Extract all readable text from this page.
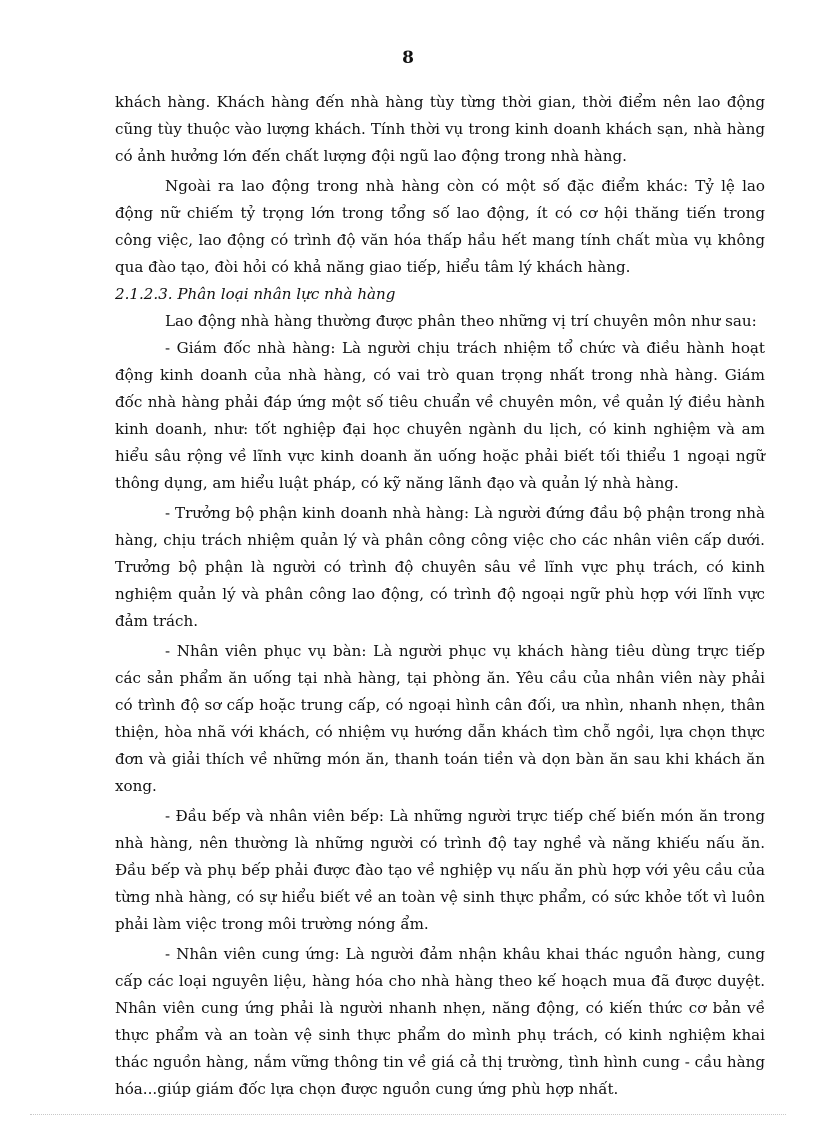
8

khách hàng. Khách hàng đến nhà hàng tùy từng thời gian, thời điểm nên lao động cũng tùy thuộc vào lượng khách. Tính thời vụ trong kinh doanh khách sạn, nhà hàng có ảnh hưởng lớn đến chất lượng đội ngũ lao động trong nhà hàng.

Ngoài ra lao động trong nhà hàng còn có một số đặc điểm khác: Tỷ lệ lao động nữ chiếm tỷ trọng lớn trong tổng số lao động, ít có cơ hội thăng tiến trong công việc, lao động có trình độ văn hóa thấp hầu hết mang tính chất mùa vụ không qua đào tạo, đòi hỏi có khả năng giao tiếp, hiểu tâm lý khách hàng.

2.1.2.3. Phân loại nhân lực nhà hàng

Lao động nhà hàng thường được phân theo những vị trí chuyên môn như sau:

- Giám đốc nhà hàng: Là người chịu trách nhiệm tổ chức và điều hành hoạt động kinh doanh của nhà hàng, có vai trò quan trọng nhất trong nhà hàng. Giám đốc nhà hàng phải đáp ứng một số tiêu chuẩn về chuyên môn, về quản lý điều hành kinh doanh, như: tốt nghiệp đại học chuyên ngành du lịch, có kinh nghiệm và am hiểu sâu rộng về lĩnh vực kinh doanh ăn uống hoặc phải biết tối thiểu 1 ngoại ngữ thông dụng, am hiểu luật pháp, có kỹ năng lãnh đạo và quản lý nhà hàng.

- Trưởng bộ phận kinh doanh nhà hàng: Là người đứng đầu bộ phận trong nhà hàng, chịu trách nhiệm quản lý và phân công công việc cho các nhân viên cấp dưới. Trưởng bộ phận là người có trình độ chuyên sâu về lĩnh vực phụ trách, có kinh nghiệm quản lý và phân công lao động, có trình độ ngoại ngữ phù hợp với lĩnh vực đảm trách.

- Nhân viên phục vụ bàn: Là người phục vụ khách hàng tiêu dùng trực tiếp các sản phẩm ăn uống tại nhà hàng, tại phòng ăn. Yêu cầu của nhân viên này phải có trình độ sơ cấp hoặc trung cấp, có ngoại hình cân đối, ưa nhìn, nhanh nhẹn, thân thiện, hòa nhã với khách, có nhiệm vụ hướng dẫn khách tìm chỗ ngồi, lựa chọn thực đơn và giải thích về những món ăn, thanh toán tiền và dọn bàn ăn sau khi khách ăn xong.

- Đầu bếp và nhân viên bếp: Là những người trực tiếp chế biến món ăn trong nhà hàng, nên thường là những người có trình độ tay nghề và năng khiếu nấu ăn. Đầu bếp và phụ bếp phải được đào tạo về nghiệp vụ nấu ăn phù hợp với yêu cầu của từng nhà hàng, có sự hiểu biết về an toàn vệ sinh thực phẩm, có sức khỏe tốt vì luôn phải làm việc trong môi trường nóng ẩm.

- Nhân viên cung ứng: Là người đảm nhận khâu khai thác nguồn hàng, cung cấp các loại nguyên liệu, hàng hóa cho nhà hàng theo kế hoạch mua đã được duyệt. Nhân viên cung ứng phải là người nhanh nhẹn, năng động, có kiến thức cơ bản về thực phẩm và an toàn vệ sinh thực phẩm do mình phụ trách, có kinh nghiệm khai thác nguồn hàng, nắm vững thông tin về giá cả thị trường, tình hình cung - cầu hàng hóa...giúp giám đốc lựa chọn được nguồn cung ứng phù hợp nhất.
